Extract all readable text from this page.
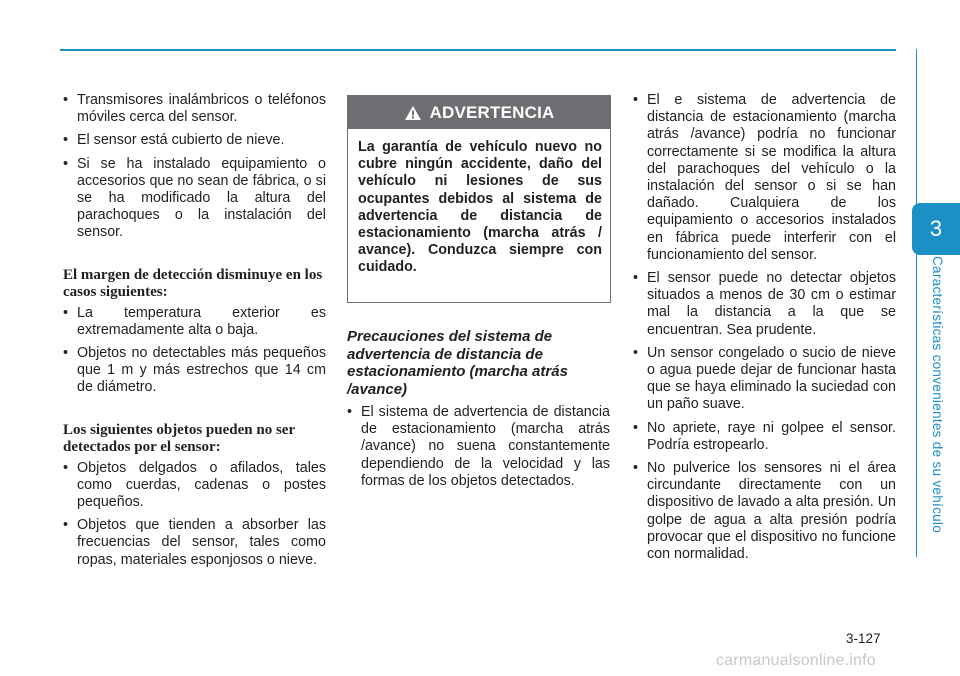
3
Características convenientes de su vehículo
• Transmisores inalámbricos o teléfonos móviles cerca del sensor.
• El sensor está cubierto de nieve.
• Si se ha instalado equipamiento o accesorios que no sean de fábrica, o si se ha modificado la altura del parachoques o la instalación del sensor.
El margen de detección disminuye en los casos siguientes:
• La temperatura exterior es extremadamente alta o baja.
• Objetos no detectables más pequeños que 1 m y más estrechos que 14 cm de diámetro.
Los siguientes objetos pueden no ser detectados por el sensor:
• Objetos delgados o afilados, tales como cuerdas, cadenas o postes pequeños.
• Objetos que tienden a absorber las frecuencias del sensor, tales como ropas, materiales esponjosos o nieve.
ADVERTENCIA
La garantía de vehículo nuevo no cubre ningún accidente, daño del vehículo ni lesiones de sus ocupantes debidos al sistema de advertencia de distancia de estacionamiento (marcha atrás / avance). Conduzca siempre con cuidado.
Precauciones del sistema de advertencia de distancia de estacionamiento (marcha atrás /avance)
• El sistema de advertencia de distancia de estacionamiento (marcha atrás /avance) no suena constantemente dependiendo de la velocidad y las formas de los objetos detectados.
• El e sistema de advertencia de distancia de estacionamiento (marcha atrás /avance) podría no funcionar correctamente si se modifica la altura del parachoques del vehículo o la instalación del sensor o si se han dañado. Cualquiera de los equipamiento o accesorios instalados en fábrica puede interferir con el funcionamiento del sensor.
• El sensor puede no detectar objetos situados a menos de 30 cm o estimar mal la distancia a la que se encuentran. Sea prudente.
• Un sensor congelado o sucio de nieve o agua puede dejar de funcionar hasta que se haya eliminado la suciedad con un paño suave.
• No apriete, raye ni golpee el sensor. Podría estropearlo.
• No pulverice los sensores ni el área circundante directamente con un dispositivo de lavado a alta presión. Un golpe de agua a alta presión podría provocar que el dispositivo no funcione con normalidad.
3-127
carmanualsonline.info
